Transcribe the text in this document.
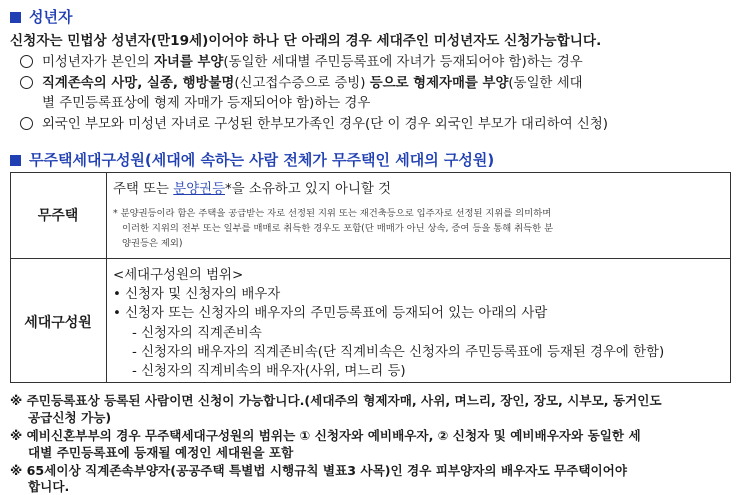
성년자
신청자는 민법상 성년자(만19세)이어야 하나 단 아래의 경우 세대주인 미성년자도 신청가능합니다.
미성년자가 본인의 자녀를 부양(동일한 세대별 주민등록표에 자녀가 등재되어야 함)하는 경우
직계존속의 사망, 실종, 행방불명(신고접수증으로 증빙) 등으로 형제자매를 부양(동일한 세대
별 주민등록표상에 형제 자매가 등재되어야 함)하는 경우
외국인 부모와 미성년 자녀로 구성된 한부모가족인 경우(단 이 경우 외국인 부모가 대리하여 신청)
무주택세대구성원(세대에 속하는 사람 전체가 무주택인 세대의 구성원)
무주택
주택 또는 분양권등*을 소유하고 있지 아니할 것
* 분양권등이라 함은 주택을 공급받는 자로 선정된 지위 또는 재건축등으로 입주자로 선정된 지위를 의미하며
이러한 지위의 전부 또는 일부를 매매로 취득한 경우도 포함(단 매매가 아닌 상속, 증여 등을 통해 취득한 분
양권등은 제외)
세대구성원
<세대구성원의 범위>
• 신청자 및 신청자의 배우자
• 신청자 또는 신청자의 배우자의 주민등록표에 등재되어 있는 아래의 사람
- 신청자의 직계존비속
- 신청자의 배우자의 직계존비속(단 직계비속은 신청자의 주민등록표에 등재된 경우에 한함)
- 신청자의 직계비속의 배우자(사위, 며느리 등)
※ 주민등록표상 등록된 사람이면 신청이 가능합니다.(세대주의 형제자매, 사위, 며느리, 장인, 장모, 시부모, 동거인도
공급신청 가능)
※ 예비신혼부부의 경우 무주택세대구성원의 범위는 ① 신청자와 예비배우자, ② 신청자 및 예비배우자와 동일한 세
대별 주민등록표에 등재될 예정인 세대원을 포함
※ 65세이상 직계존속부양자(공공주택 특별법 시행규칙 별표3 사목)인 경우 피부양자의 배우자도 무주택이어야
합니다.
